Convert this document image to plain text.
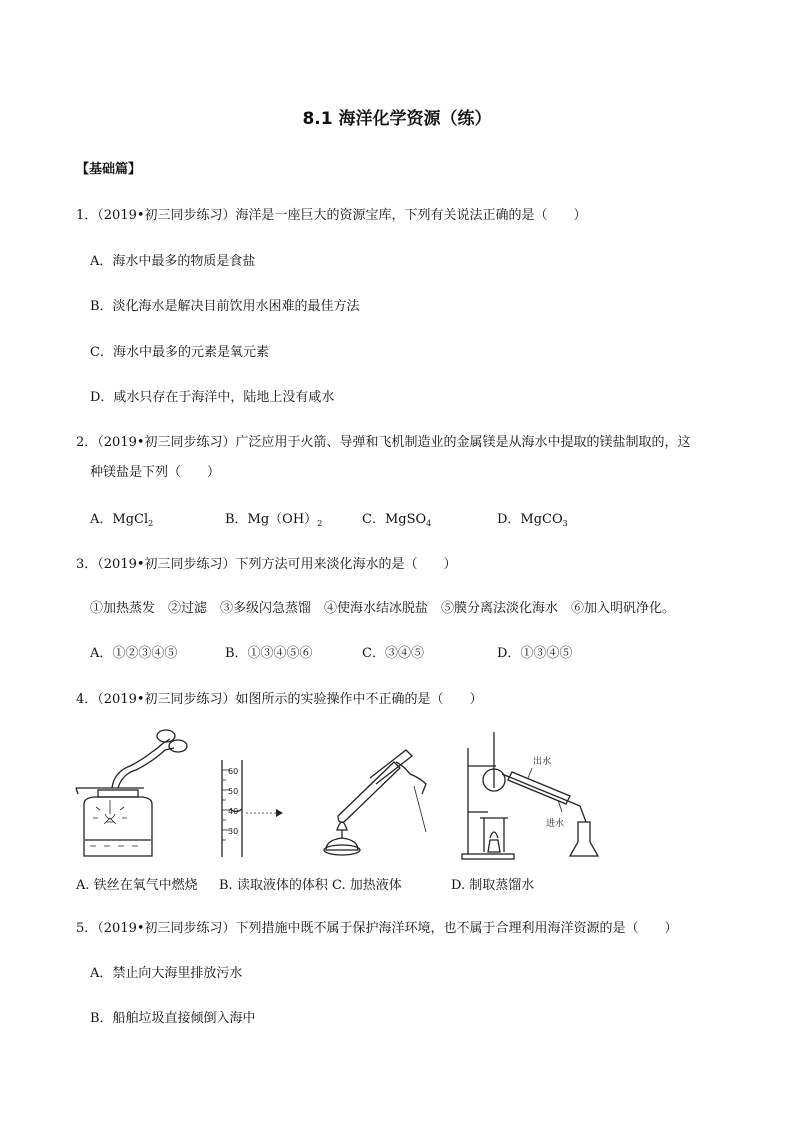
8.1 海洋化学资源（练）
【基础篇】
1．（2019•初三同步练习）海洋是一座巨大的资源宝库，下列有关说法正确的是（　　）
A．海水中最多的物质是食盐
B．淡化海水是解决目前饮用水困难的最佳方法
C．海水中最多的元素是氧元素
D．咸水只存在于海洋中，陆地上没有咸水
2．（2019•初三同步练习）广泛应用于火箭、导弹和飞机制造业的金属镁是从海水中提取的镁盐制取的，这
种镁盐是下列（　　）
A．MgCl$_2$	B．$Mg(OH)_2$	C．MgSO$_4$	D．MgCO$_3$
3．（2019•初三同步练习）下列方法可用来淡化海水的是（　　）
①加热蒸发　②过滤　③多级闪急蒸馏　④使海水结冰脱盐　⑤膜分离法淡化海水　⑥加入明矾净化。
A．①②③④⑤	B．①③④⑤⑥	C．③④⑤	D．①③④⑤
4．（2019•初三同步练习）如图所示的实验操作中不正确的是（　　）
60
50
40
30
出水
进水
A. 铁丝在氧气中燃烧 B. 读取液体的体积 C. 加热液体	D. 制取蒸馏水
5．（2019•初三同步练习）下列措施中既不属于保护海洋环境，也不属于合理利用海洋资源的是（　　）
A．禁止向大海里排放污水
B．船舶垃圾直接倾倒入海中
